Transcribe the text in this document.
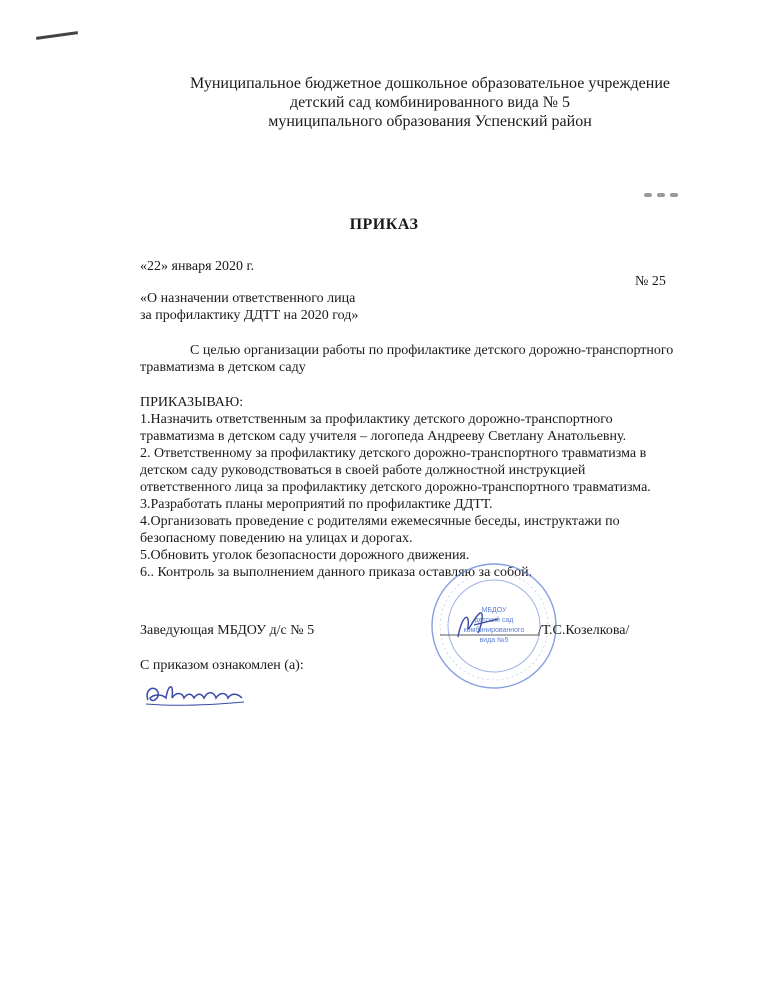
Муниципальное бюджетное дошкольное образовательное учреждение
детский сад комбинированного вида № 5
муниципального образования Успенский район
ПРИКАЗ
«22» января 2020 г.
№ 25
«О назначении ответственного лица
за профилактику ДДТТ на 2020 год»
С целью организации работы по профилактике детского дорожно-транспортного
травматизма в детском саду
ПРИКАЗЫВАЮ:
1.Назначить ответственным за профилактику детского дорожно-транспортного
травматизма в детском саду учителя – логопеда Андрееву Светлану Анатольевну.
2. Ответственному за профилактику детского дорожно-транспортного травматизма в
детском саду руководствоваться в своей работе должностной инструкцией
ответственного лица за профилактику детского дорожно-транспортного травматизма.
3.Разработать планы мероприятий по профилактике ДДТТ.
4.Организовать проведение с родителями ежемесячные беседы, инструктажи по
безопасному поведению на улицах и дорогах.
5.Обновить уголок безопасности дорожного движения.
6.. Контроль за выполнением данного приказа оставляю за собой.
МБДОУ
детский сад
комбинированного
вида №5
Заведующая МБДОУ д/с № 5	/Т.С.Козелкова/
С приказом ознакомлен (а):
